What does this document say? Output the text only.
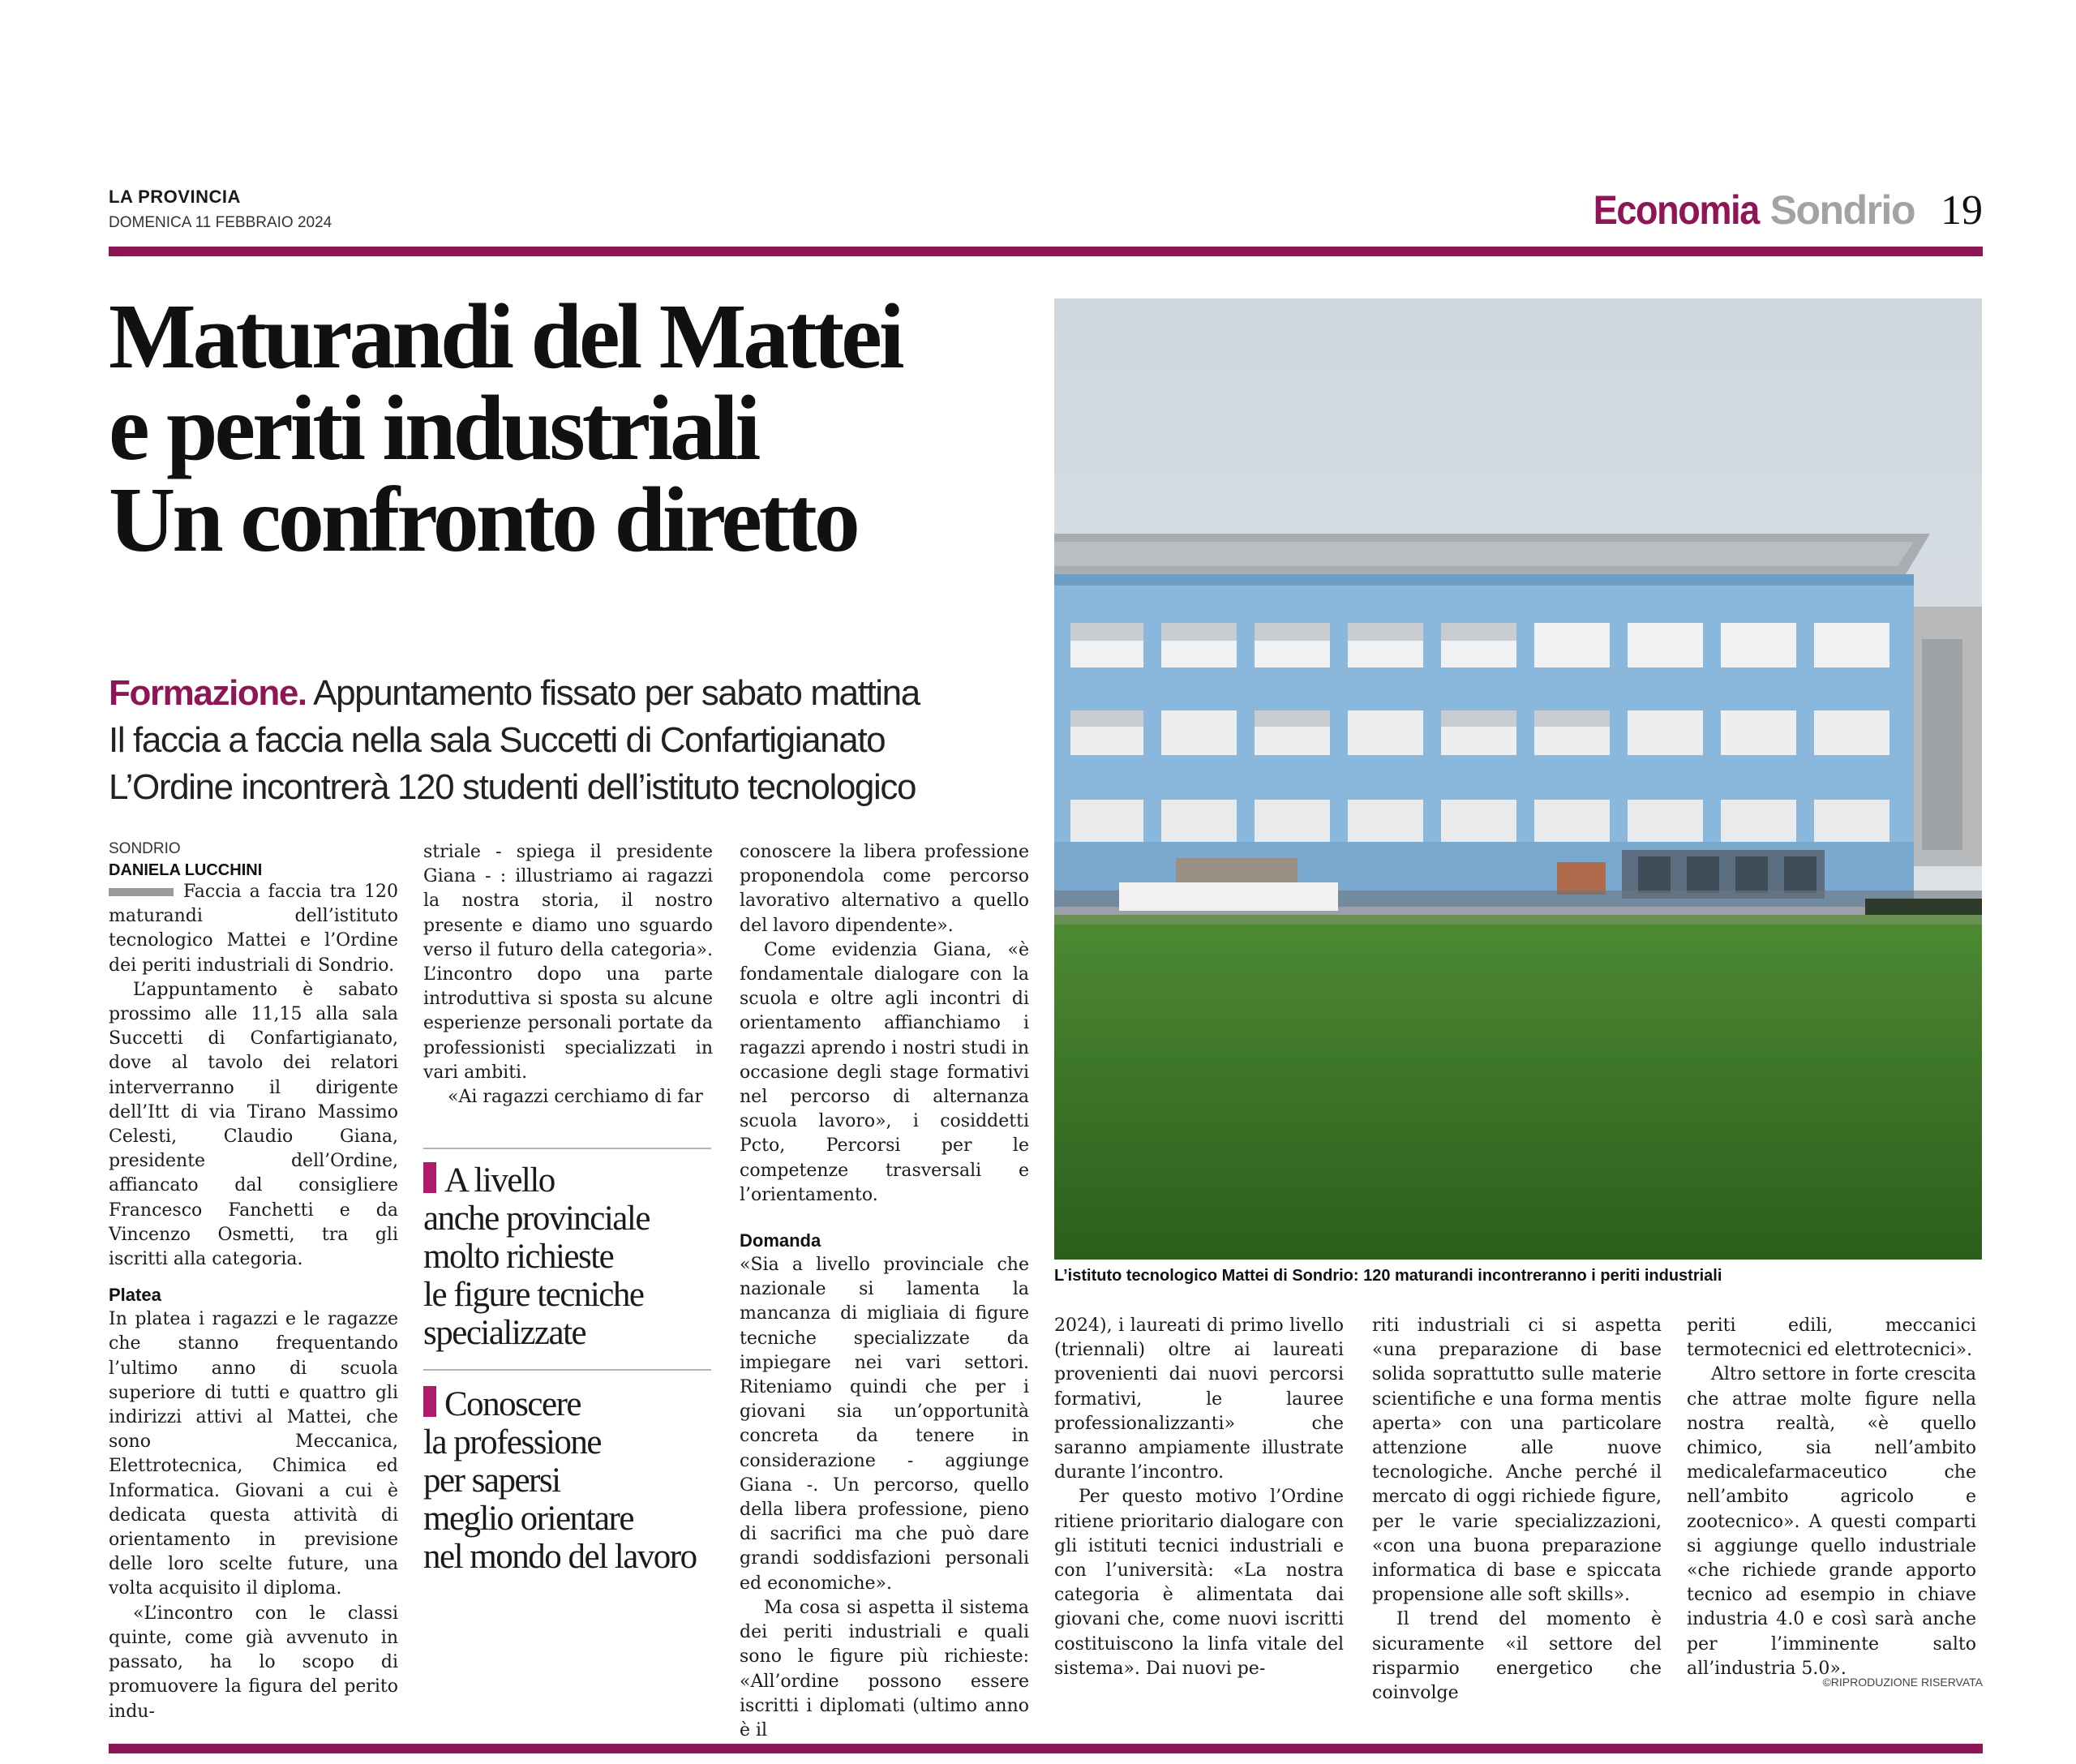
LA PROVINCIA
DOMENICA 11 FEBBRAIO 2024	Economia Sondrio 19
Maturandi del Mattei
e periti industriali
Un confronto diretto
Formazione. Appuntamento fissato per sabato mattina
Il faccia a faccia nella sala Succetti di Confartigianato
L’Ordine incontrerà 120 studenti dell’istituto tecnologico
SONDRIO
DANIELA LUCCHINI

Faccia a faccia tra 120 maturandi dell’istituto tecnologico Mattei e l’Ordine dei periti industriali di Sondrio.

L’appuntamento è sabato prossimo alle 11,15 alla sala Succetti di Confartigianato, dove al tavolo dei relatori interverranno il dirigente dell’Itt di via Tirano Massimo Celesti, Claudio Giana, presidente dell’Ordine, affiancato dal consigliere Francesco Fanchetti e da Vincenzo Osmetti, tra gli iscritti alla categoria.

Platea

In platea i ragazzi e le ragazze che stanno frequentando l’ultimo anno di scuola superiore di tutti e quattro gli indirizzi attivi al Mattei, che sono Meccanica, Elettrotecnica, Chimica ed Informatica. Giovani a cui è dedicata questa attività di orientamento in previsione delle loro scelte future, una volta acquisito il diploma.

«L’incontro con le classi quinte, come già avvenuto in passato, ha lo scopo di promuovere la figura del perito indu-

striale - spiega il presidente Giana - : illustriamo ai ragazzi la nostra storia, il nostro presente e diamo uno sguardo verso il futuro della categoria». L’incontro dopo una parte introduttiva si sposta su alcune esperienze personali portate da professionisti specializzati in vari ambiti.

«Ai ragazzi cerchiamo di far

A livello
anche provinciale
molto richieste
le figure tecniche
specializzate
Conoscere
la professione
per sapersi
meglio orientare
nel mondo del lavoro

conoscere la libera professione proponendola come percorso lavorativo alternativo a quello del lavoro dipendente».

Come evidenzia Giana, «è fondamentale dialogare con la scuola e oltre agli incontri di orientamento affianchiamo i ragazzi aprendo i nostri studi in occasione degli stage formativi nel percorso di alternanza scuola lavoro», i cosiddetti Pcto, Percorsi per le competenze trasversali e l’orientamento.

Domanda

«Sia a livello provinciale che nazionale si lamenta la mancanza di migliaia di figure tecniche specializzate da impiegare nei vari settori. Riteniamo quindi che per i giovani sia un’opportunità concreta da tenere in considerazione - aggiunge Giana -. Un percorso, quello della libera professione, pieno di sacrifici ma che può dare grandi soddisfazioni personali ed economiche».

Ma cosa si aspetta il sistema dei periti industriali e quali sono le figure più richieste: «All’ordine possono essere iscritti i diplomati (ultimo anno è il

L’istituto tecnologico Mattei di Sondrio: 120 maturandi incontreranno i periti industriali

2024), i laureati di primo livello (triennali) oltre ai laureati provenienti dai nuovi percorsi formativi, le lauree professionalizzanti» che saranno ampiamente illustrate durante l’incontro.

Per questo motivo l’Ordine ritiene prioritario dialogare con gli istituti tecnici industriali e con l’università: «La nostra categoria è alimentata dai giovani che, come nuovi iscritti costituiscono la linfa vitale del sistema». Dai nuovi pe-

riti industriali ci si aspetta «una preparazione di base solida soprattutto sulle materie scientifiche e una forma mentis aperta» con una particolare attenzione alle nuove tecnologiche. Anche perché il mercato di oggi richiede figure, per le varie specializzazioni, «con una buona preparazione informatica di base e spiccata propensione alle soft skills».

Il trend del momento è sicuramente «il settore del risparmio energetico che coinvolge

periti edili, meccanici termotecnici ed elettrotecnici».

Altro settore in forte crescita che attrae molte figure nella nostra realtà, «è quello chimico, sia nell’ambito medicalefarmaceutico che nell’ambito agricolo e zootecnico». A questi comparti si aggiunge quello industriale «che richiede grande apporto tecnico ad esempio in chiave industria 4.0 e così sarà anche per l’imminente salto all’industria 5.0».

©RIPRODUZIONE RISERVATA
